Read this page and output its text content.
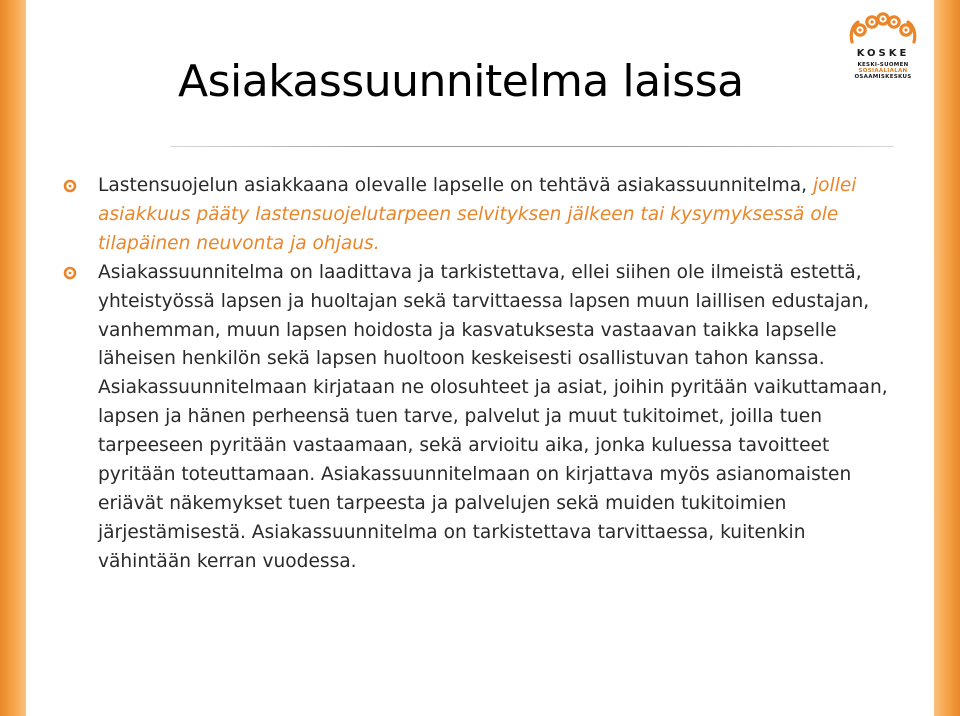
KOSKE
KESKI-SUOMEN
SOSIAALIALAN
OSAAMISKESKUS
Asiakassuunnitelma laissa
Lastensuojelun asiakkaana olevalle lapselle on tehtävä asiakassuunnitelma, jollei asiakkuus pääty lastensuojelutarpeen selvityksen jälkeen tai kysymyksessä ole tilapäinen neuvonta ja ohjaus.
Asiakassuunnitelma on laadittava ja tarkistettava, ellei siihen ole ilmeistä estettä, yhteistyössä lapsen ja huoltajan sekä tarvittaessa lapsen muun laillisen edustajan, vanhemman, muun lapsen hoidosta ja kasvatuksesta vastaavan taikka lapselle läheisen henkilön sekä lapsen huoltoon keskeisesti osallistuvan tahon kanssa. Asiakassuunnitelmaan kirjataan ne olosuhteet ja asiat, joihin pyritään vaikuttamaan, lapsen ja hänen perheensä tuen tarve, palvelut ja muut tukitoimet, joilla tuen tarpeeseen pyritään vastaamaan, sekä arvioitu aika, jonka kuluessa tavoitteet pyritään toteuttamaan. Asiakassuunnitelmaan on kirjattava myös asianomaisten eriävät näkemykset tuen tarpeesta ja palvelujen sekä muiden tukitoimien järjestämisestä. Asiakassuunnitelma on tarkistettava tarvittaessa, kuitenkin vähintään kerran vuodessa.
